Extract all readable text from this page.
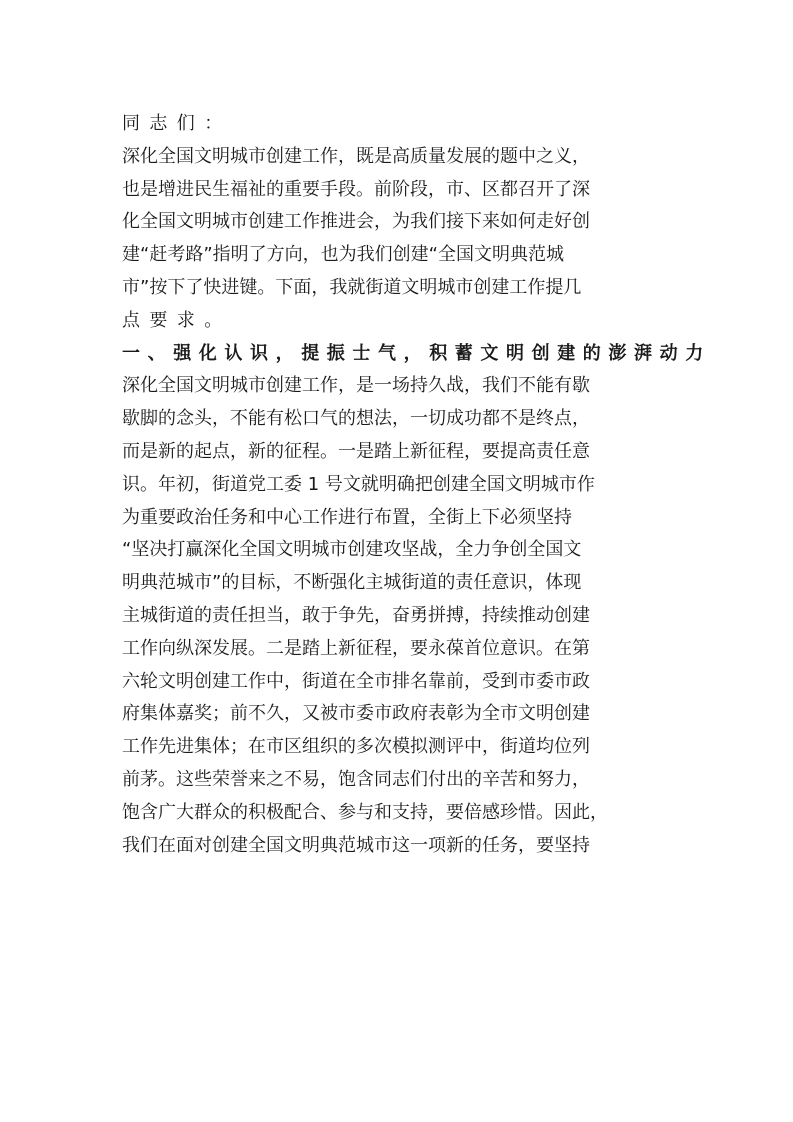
同志们：
深化全国文明城市创建工作，既是高质量发展的题中之义，
也是增进民生福祉的重要手段。前阶段，市、区都召开了深
化全国文明城市创建工作推进会，为我们接下来如何走好创
建“赶考路”指明了方向，也为我们创建“全国文明典范城
市”按下了快进键。下面，我就街道文明城市创建工作提几
点要求。
一、强化认识，提振士气，积蓄文明创建的澎湃动力
深化全国文明城市创建工作，是一场持久战，我们不能有歇
歇脚的念头，不能有松口气的想法，一切成功都不是终点，
而是新的起点，新的征程。一是踏上新征程，要提高责任意
识。年初，街道党工委 1 号文就明确把创建全国文明城市作
为重要政治任务和中心工作进行布置，全街上下必须坚持
“坚决打赢深化全国文明城市创建攻坚战，全力争创全国文
明典范城市”的目标，不断强化主城街道的责任意识，体现
主城街道的责任担当，敢于争先，奋勇拼搏，持续推动创建
工作向纵深发展。二是踏上新征程，要永葆首位意识。在第
六轮文明创建工作中，街道在全市排名靠前，受到市委市政
府集体嘉奖；前不久，又被市委市政府表彰为全市文明创建
工作先进集体；在市区组织的多次模拟测评中，街道均位列
前茅。这些荣誉来之不易，饱含同志们付出的辛苦和努力，
饱含广大群众的积极配合、参与和支持，要倍感珍惜。因此，
我们在面对创建全国文明典范城市这一项新的任务，要坚持
